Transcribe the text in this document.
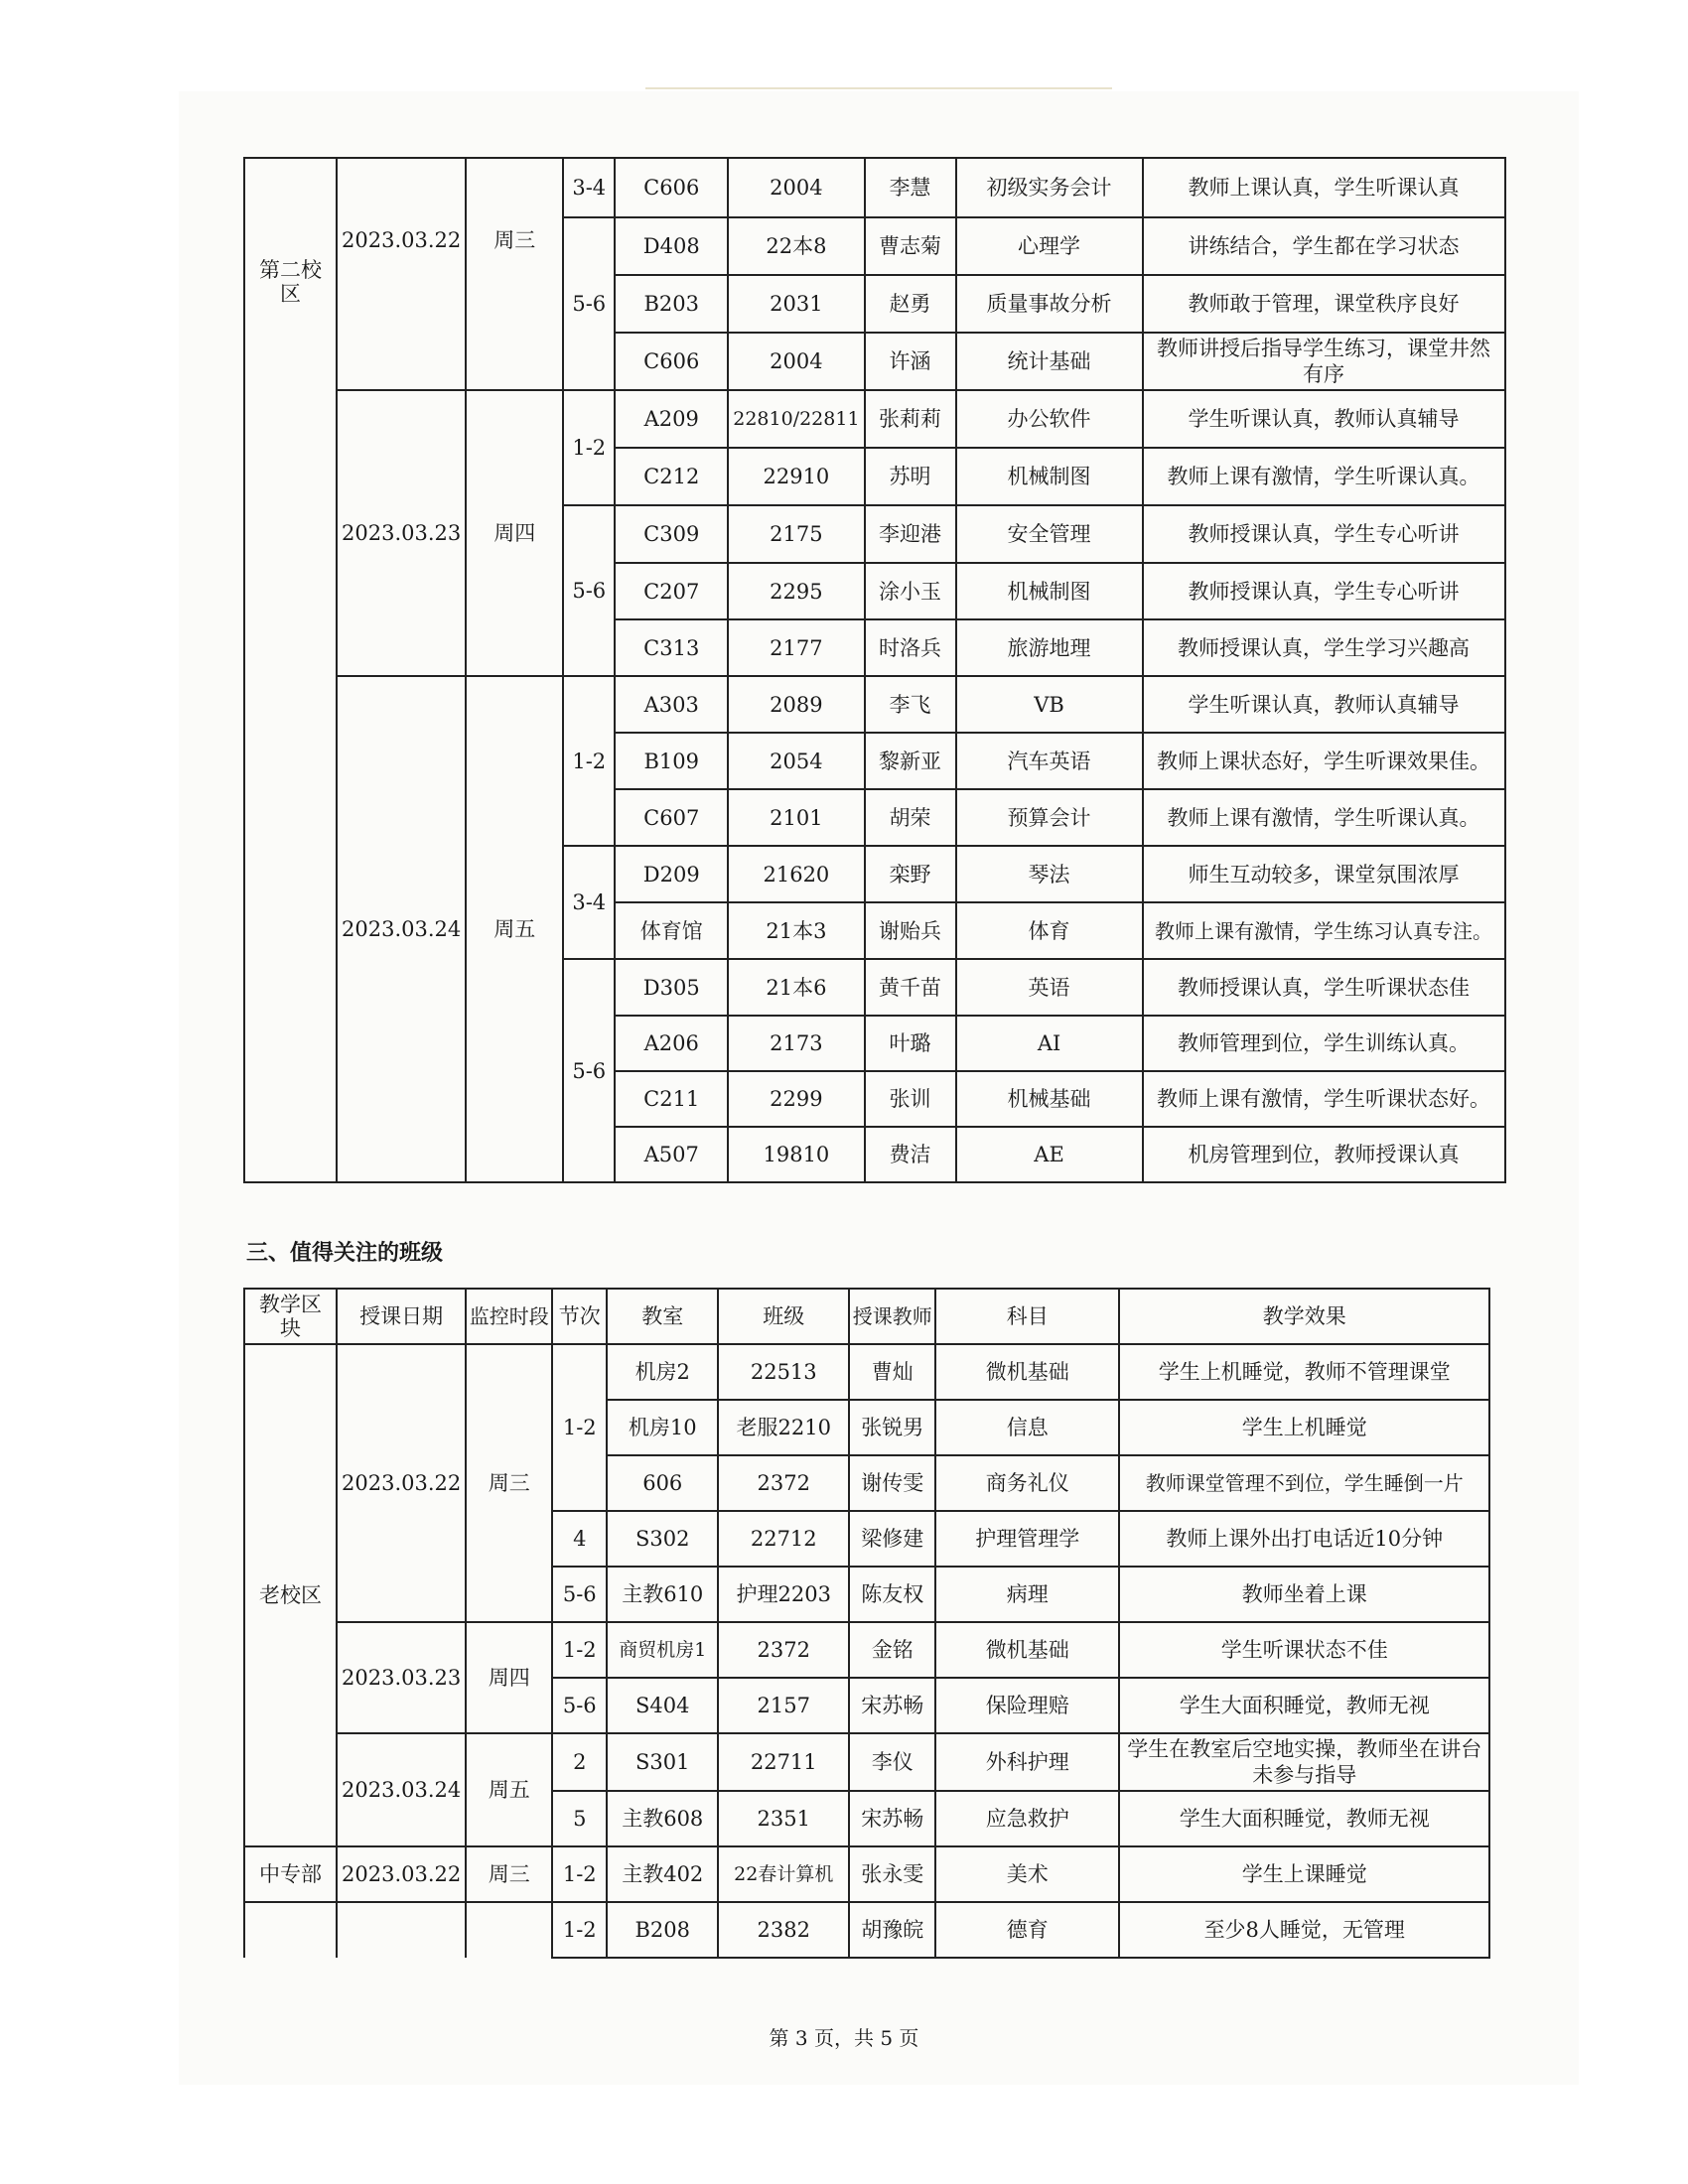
第二校区	2023.03.22	周三	3-4	C606	2004	李慧	初级实务会计	教师上课认真，学生听课认真
			5-6	D408	22本8	曹志菊	心理学	讲练结合，学生都在学习状态
				B203	2031	赵勇	质量事故分析	教师敢于管理，课堂秩序良好
				C606	2004	许涵	统计基础	教师讲授后指导学生练习，课堂井然有序
	2023.03.23	周四	1-2	A209	22810/22811	张莉莉	办公软件	学生听课认真，教师认真辅导
				C212	22910	苏明	机械制图	教师上课有激情，学生听课认真。
			5-6	C309	2175	李迎港	安全管理	教师授课认真，学生专心听讲
				C207	2295	涂小玉	机械制图	教师授课认真，学生专心听讲
				C313	2177	时洛兵	旅游地理	教师授课认真，学生学习兴趣高
	2023.03.24	周五	1-2	A303	2089	李飞	VB	学生听课认真，教师认真辅导
				B109	2054	黎新亚	汽车英语	教师上课状态好，学生听课效果佳。
				C607	2101	胡荣	预算会计	教师上课有激情，学生听课认真。
			3-4	D209	21620	栾野	琴法	师生互动较多，课堂氛围浓厚
				体育馆	21本3	谢贻兵	体育	教师上课有激情，学生练习认真专注。
			5-6	D305	21本6	黄千苗	英语	教师授课认真，学生听课状态佳
				A206	2173	叶璐	AI	教师管理到位，学生训练认真。
				C211	2299	张训	机械基础	教师上课有激情，学生听课状态好。
				A507	19810	费洁	AE	机房管理到位，教师授课认真
三、值得关注的班级
教学区块	授课日期	监控时段	节次	教室	班级	授课教师	科目	教学效果
老校区	2023.03.22	周三	1-2	机房2	22513	曹灿	微机基础	学生上机睡觉，教师不管理课堂
				机房10	老服2210	张锐男	信息	学生上机睡觉
				606	2372	谢传雯	商务礼仪	教师课堂管理不到位，学生睡倒一片
			4	S302	22712	梁修建	护理管理学	教师上课外出打电话近10分钟
			5-6	主教610	护理2203	陈友权	病理	教师坐着上课
	2023.03.23	周四	1-2	商贸机房1	2372	金铭	微机基础	学生听课状态不佳
			5-6	S404	2157	宋苏畅	保险理赔	学生大面积睡觉，教师无视
	2023.03.24	周五	2	S301	22711	李仪	外科护理	学生在教室后空地实操，教师坐在讲台未参与指导
			5	主教608	2351	宋苏畅	应急救护	学生大面积睡觉，教师无视
中专部	2023.03.22	周三	1-2	主教402	22春计算机	张永雯	美术	学生上课睡觉
			1-2	B208	2382	胡豫皖	德育	至少8人睡觉，无管理
第 3 页，共 5 页
